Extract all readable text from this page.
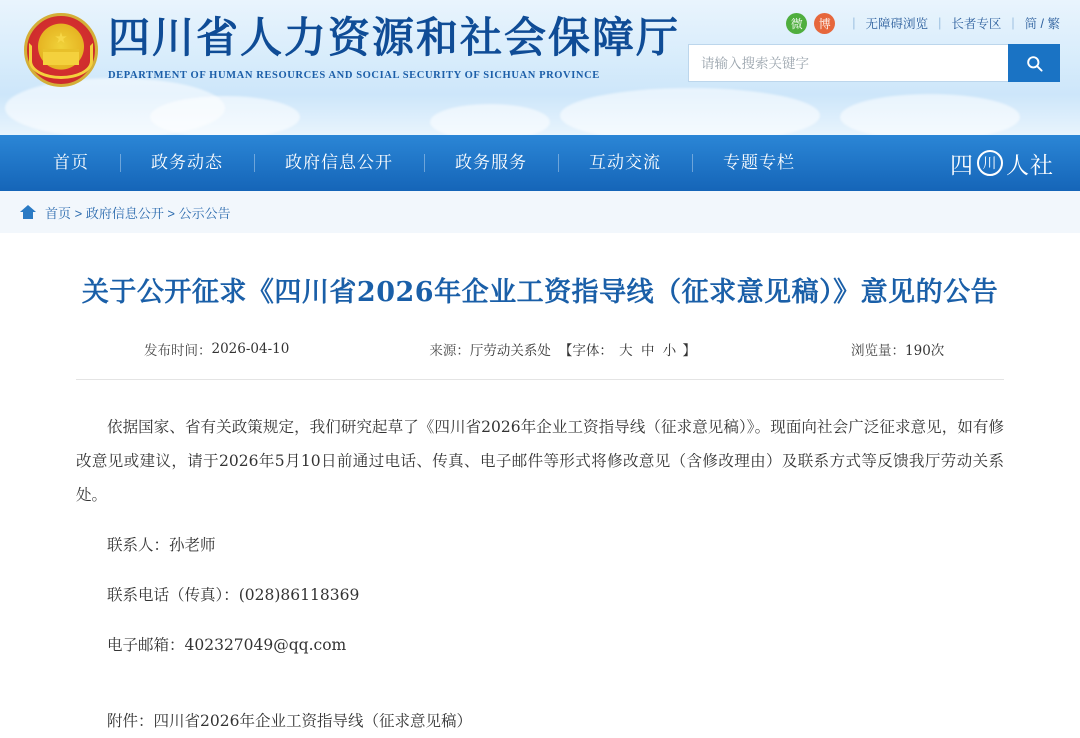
★ 四川省人力资源和社会保障厅
DEPARTMENT OF HUMAN RESOURCES AND SOCIAL SECURITY OF SICHUAN PROVINCE
微	博	| 无障碍浏览 | 长者专区 | 简 / 繁
请输入搜索关键字
首页	政务动态	政府信息公开	政务服务	互动交流	专题专栏	四 川 人社
首页 > 政府信息公开 > 公示公告
关于公开征求《四川省2026年企业工资指导线（征求意见稿）》意见的公告
发布时间： 2026-04-10	来源： 厅劳动关系处 【字体： 大 中 小 】	浏览量： 190次

依据国家、省有关政策规定，我们研究起草了《四川省2026年企业工资指导线（征求意见稿）》。现面向社会广泛征求意见，如有修改意见或建议，请于2026年5月10日前通过电话、传真、电子邮件等形式将修改意见（含修改理由）及联系方式等反馈我厅劳动关系处。

联系人：孙老师

联系电话（传真）：(028)86118369

电子邮箱：402327049@qq.com

附件：四川省2026年企业工资指导线（征求意见稿）
